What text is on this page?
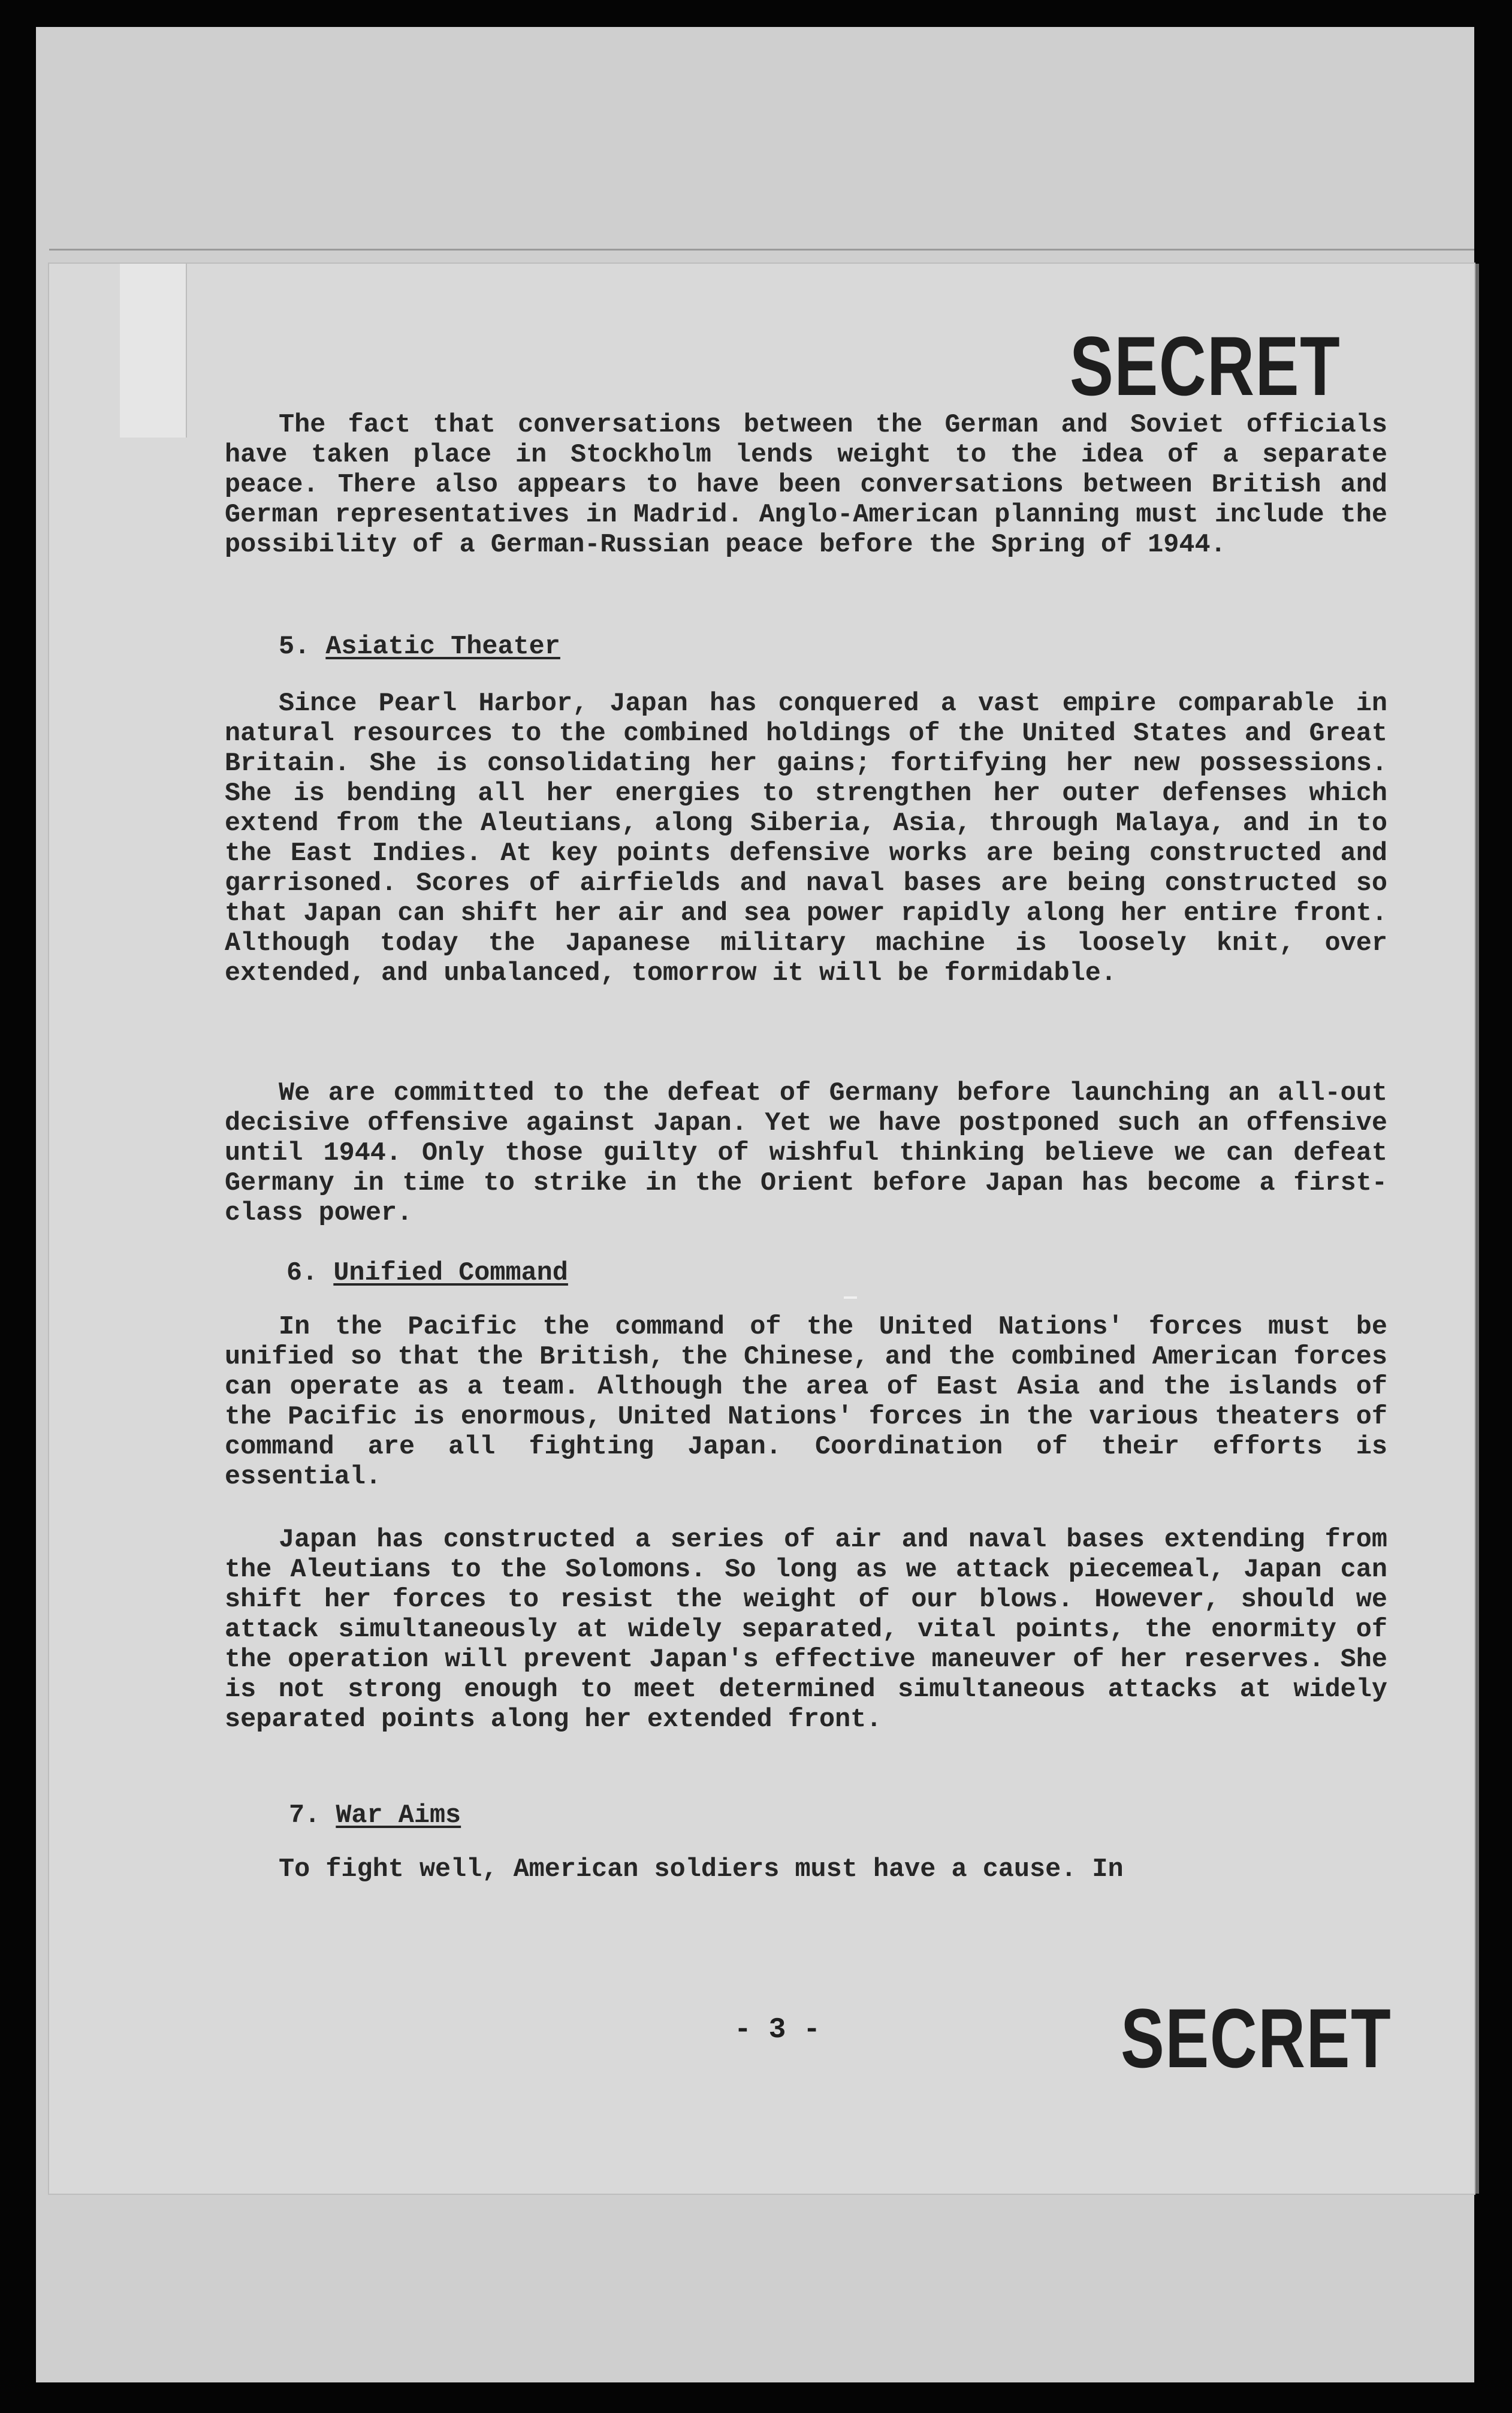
SECRET

The fact that conversations between the German and Soviet officials have taken place in Stockholm lends weight to the idea of a separate peace. There also appears to have been conversations between British and German representatives in Madrid. Anglo-American planning must include the possibility of a German-Russian peace before the Spring of 1944.

5. Asiatic Theater

Since Pearl Harbor, Japan has conquered a vast empire comparable in natural resources to the combined holdings of the United States and Great Britain. She is consolidating her gains; fortifying her new possessions. She is bending all her energies to strengthen her outer defenses which extend from the Aleutians, along Siberia, Asia, through Malaya, and in to the East Indies. At key points defensive works are being constructed and garrisoned. Scores of airfields and naval bases are being constructed so that Japan can shift her air and sea power rapidly along her entire front. Although today the Japanese military machine is loosely knit, over extended, and unbalanced, tomorrow it will be formidable.

We are committed to the defeat of Germany before launching an all-out decisive offensive against Japan. Yet we have postponed such an offensive until 1944. Only those guilty of wishful thinking believe we can defeat Germany in time to strike in the Orient before Japan has become a first-class power.

6. Unified Command

In the Pacific the command of the United Nations' forces must be unified so that the British, the Chinese, and the combined American forces can operate as a team. Although the area of East Asia and the islands of the Pacific is enormous, United Nations' forces in the various theaters of command are all fighting Japan. Coordination of their efforts is essential.

Japan has constructed a series of air and naval bases extending from the Aleutians to the Solomons. So long as we attack piecemeal, Japan can shift her forces to resist the weight of our blows. However, should we attack simultaneously at widely separated, vital points, the enormity of the operation will prevent Japan's effective maneuver of her reserves. She is not strong enough to meet determined simultaneous attacks at widely separated points along her extended front.

7. War Aims

To fight well, American soldiers must have a cause. In

- 3 -	SECRET
